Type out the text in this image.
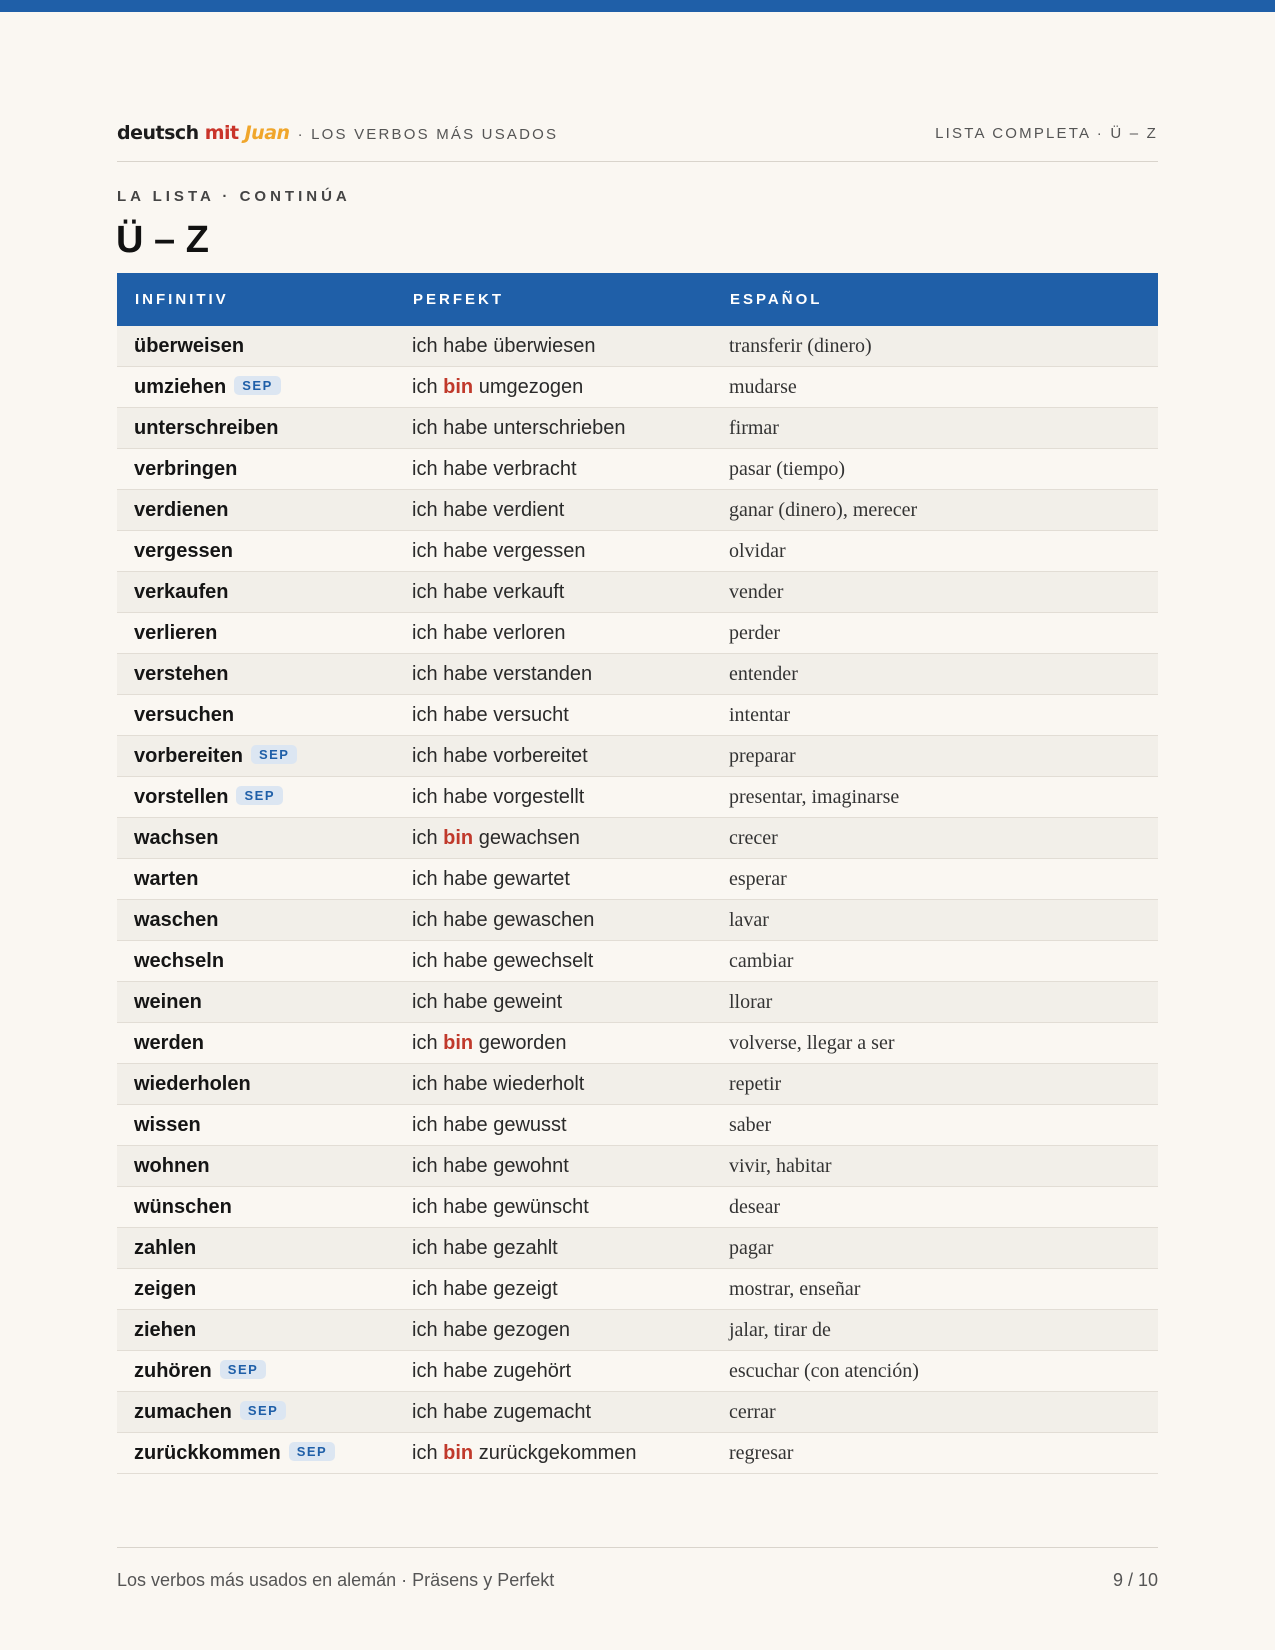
deutsch mit Juan · LOS VERBOS MÁS USADOS	LISTA COMPLETA · Ü – Z
LA LISTA · CONTINÚA
Ü – Z
INFINITIV	PERFEKT	ESPAÑOL
überweisen	ich habe überwiesen	transferir (dinero)
umziehen SEP	ich bin umgezogen	mudarse
unterschreiben	ich habe unterschrieben	firmar
verbringen	ich habe verbracht	pasar (tiempo)
verdienen	ich habe verdient	ganar (dinero), merecer
vergessen	ich habe vergessen	olvidar
verkaufen	ich habe verkauft	vender
verlieren	ich habe verloren	perder
verstehen	ich habe verstanden	entender
versuchen	ich habe versucht	intentar
vorbereiten SEP	ich habe vorbereitet	preparar
vorstellen SEP	ich habe vorgestellt	presentar, imaginarse
wachsen	ich bin gewachsen	crecer
warten	ich habe gewartet	esperar
waschen	ich habe gewaschen	lavar
wechseln	ich habe gewechselt	cambiar
weinen	ich habe geweint	llorar
werden	ich bin geworden	volverse, llegar a ser
wiederholen	ich habe wiederholt	repetir
wissen	ich habe gewusst	saber
wohnen	ich habe gewohnt	vivir, habitar
wünschen	ich habe gewünscht	desear
zahlen	ich habe gezahlt	pagar
zeigen	ich habe gezeigt	mostrar, enseñar
ziehen	ich habe gezogen	jalar, tirar de
zuhören SEP	ich habe zugehört	escuchar (con atención)
zumachen SEP	ich habe zugemacht	cerrar
zurückkommen SEP	ich bin zurückgekommen	regresar
Los verbos más usados en alemán · Präsens y Perfekt	9 / 10
